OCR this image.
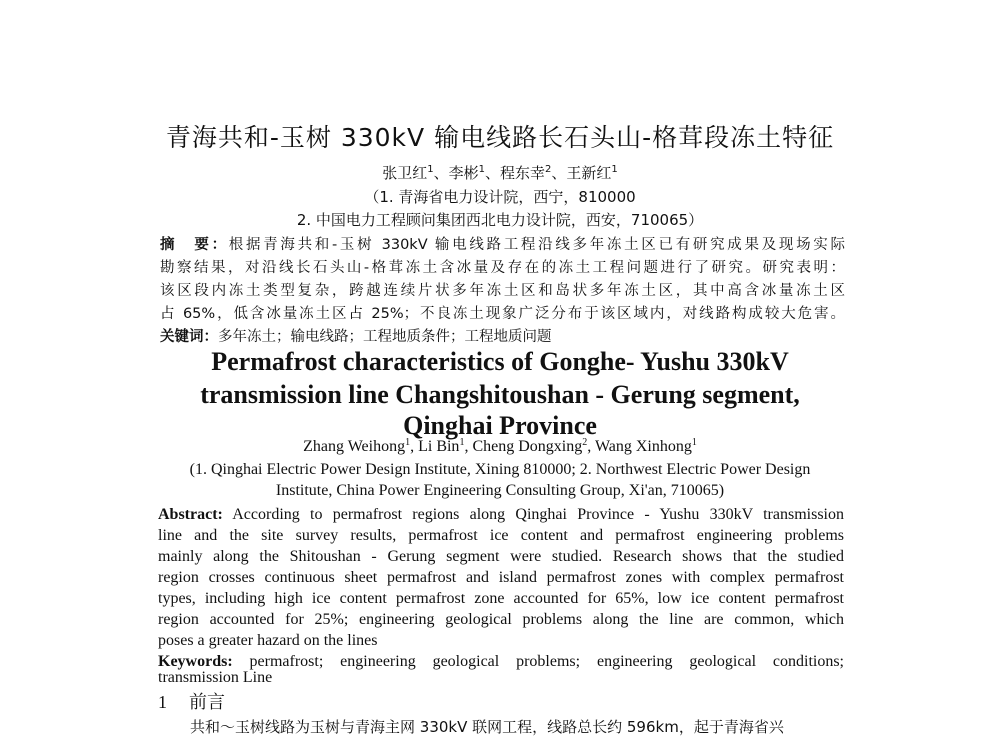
青海共和-玉树 330kV 输电线路长石头山-格茸段冻土特征
张卫红$^1$、李彬$^1$、程东幸$^2$、王新红$^1$
（1. 青海省电力设计院，西宁，810000
2. 中国电力工程顾问集团西北电力设计院，西安，710065）
摘　要：根据青海共和-玉树 330kV 输电线路工程沿线多年冻土区已有研究成果及现场实际
勘察结果，对沿线长石头山-格茸冻土含冰量及存在的冻土工程问题进行了研究。研究表明：
该区段内冻土类型复杂，跨越连续片状多年冻土区和岛状多年冻土区，其中高含冰量冻土区
占 65%，低含冰量冻土区占 25%；不良冻土现象广泛分布于该区域内，对线路构成较大危害。
关键词：多年冻土；输电线路；工程地质条件；工程地质问题
Permafrost characteristics of Gonghe- Yushu 330kV
transmission line Changshitoushan - Gerung segment,
Qinghai Province
Zhang Weihong$^1$, Li Bin$^1$, Cheng Dongxing$^2$, Wang Xinhong$^1$
(1. Qinghai Electric Power Design Institute, Xining 810000; 2. Northwest Electric Power Design
Institute, China Power Engineering Consulting Group, Xi'an, 710065)
Abstract: According to permafrost regions along Qinghai Province - Yushu 330kV transmission
line and the site survey results, permafrost ice content and permafrost engineering problems
mainly along the Shitoushan - Gerung segment were studied. Research shows that the studied
region crosses continuous sheet permafrost and island permafrost zones with complex permafrost
types, including high ice content permafrost zone accounted for 65%, low ice content permafrost
region accounted for 25%; engineering geological problems along the line are common, which
poses a greater hazard on the lines
Keywords: permafrost; engineering geological problems; engineering geological conditions;
transmission Line
1 前言
共和～玉树线路为玉树与青海主网 330kV 联网工程，线路总长约 596km，起于青海省兴
